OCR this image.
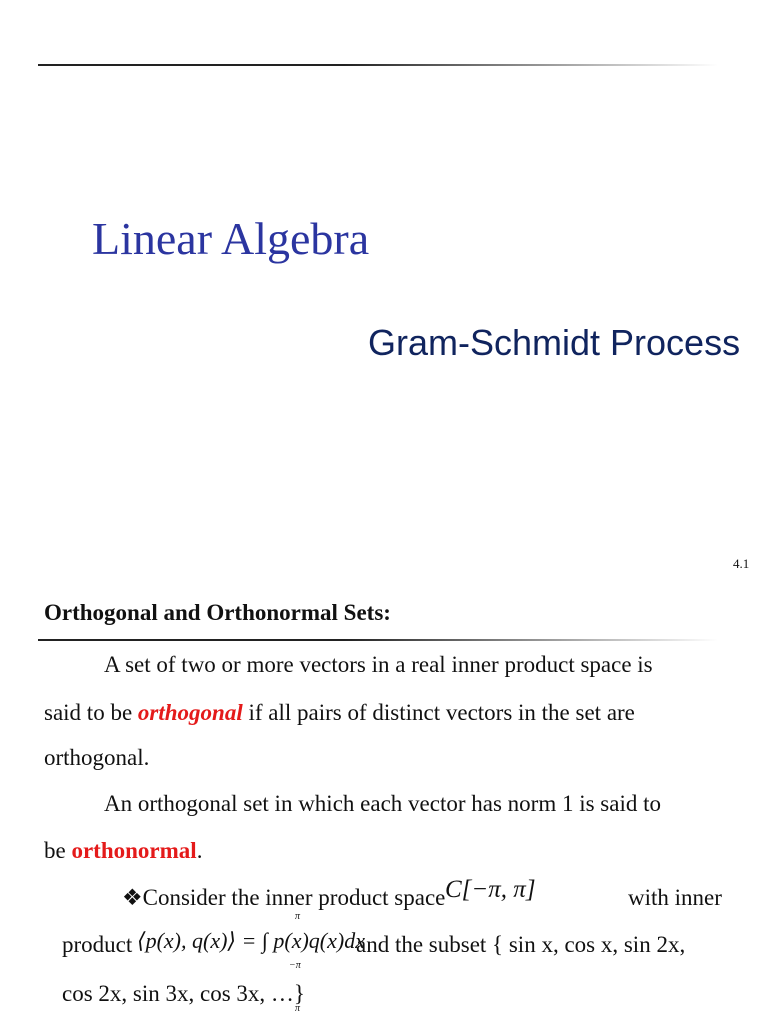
Linear Algebra
Gram-Schmidt Process
4.1
Orthogonal and Orthonormal Sets:
A set of two or more vectors in a real inner product space is
said to be orthogonal if all pairs of distinct vectors in the set are
orthogonal.
An orthogonal set in which each vector has norm 1 is said to
be orthonormal.
❖Consider the inner product space C[−π, π]	with inner
product
π
⟨p(x), q(x)⟩ = ∫ p(x)q(x)dx
−π
and the subset { sin x, cos x, sin 2x,
cos 2x, sin 3x, cos 3x, …}
π
